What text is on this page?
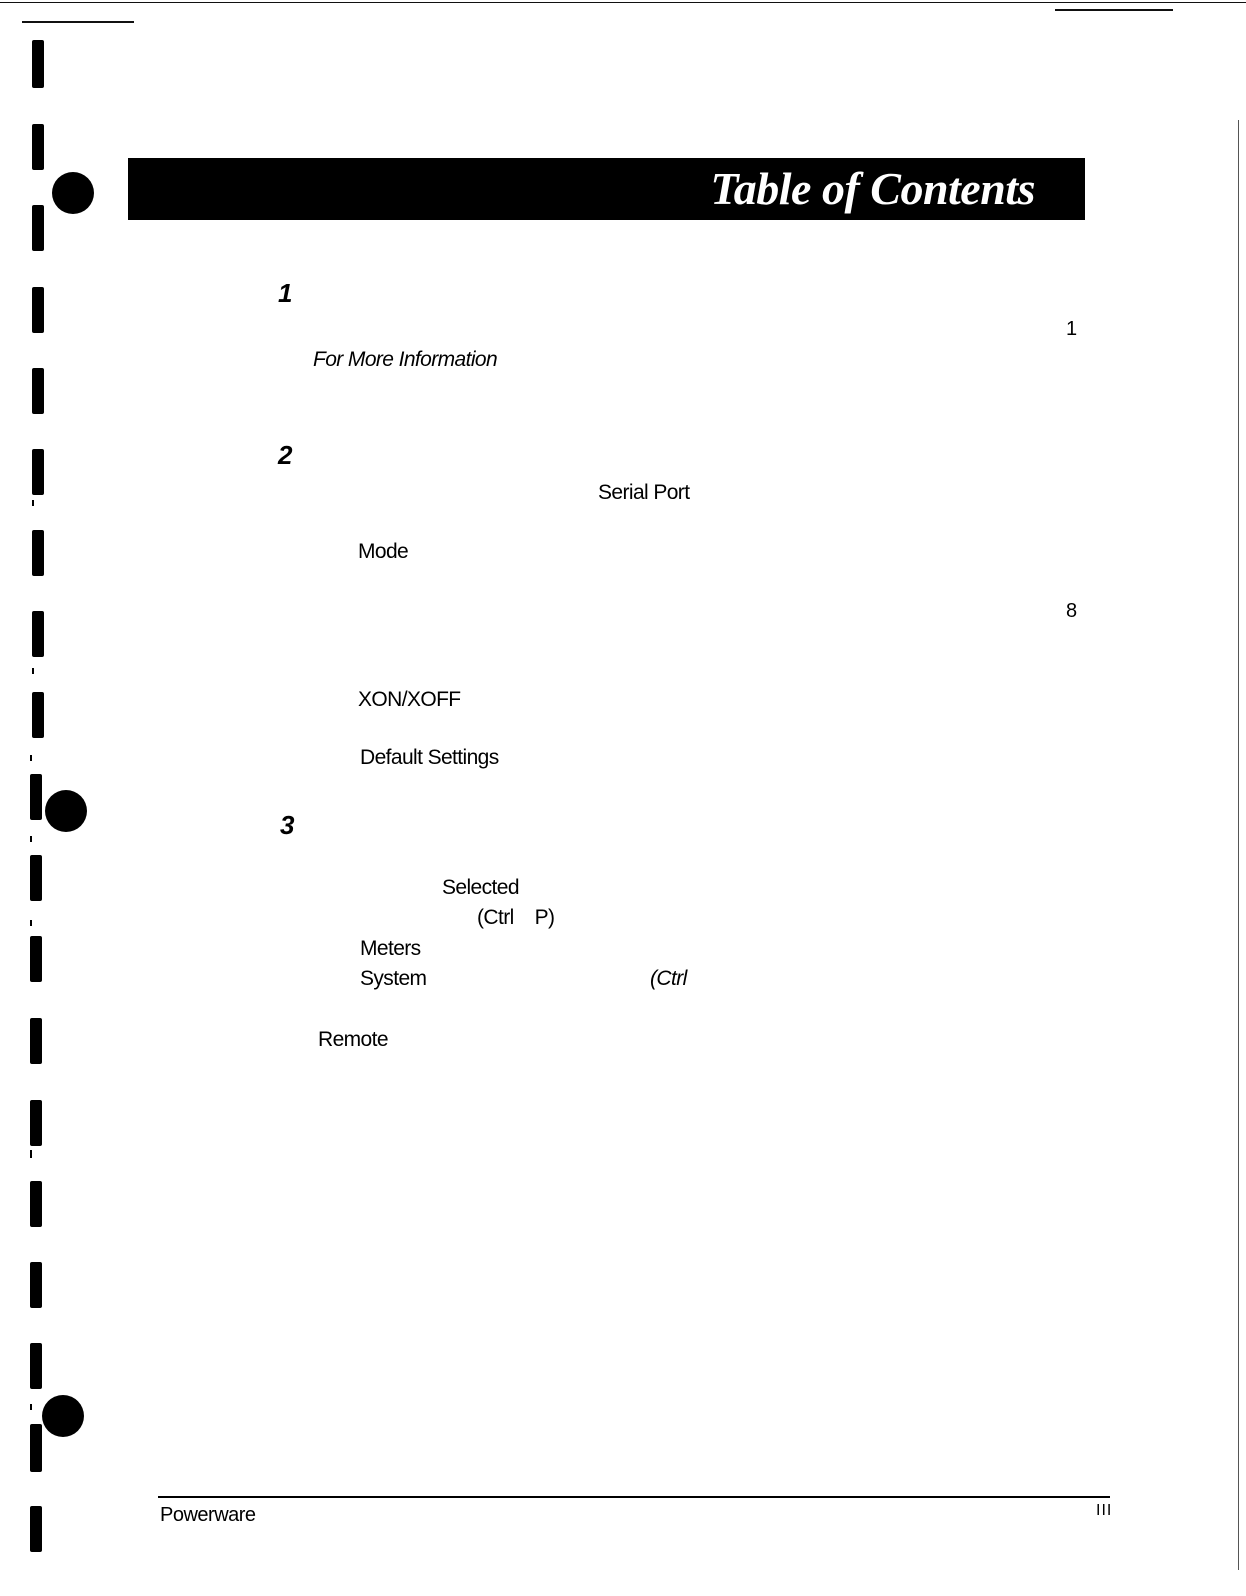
Table of Contents
1
1
For More Information
2
Serial Port
Mode
8
XON/XOFF
Default Settings
3
Selected
(Ctrl    P)
Meters
System	(Ctrl
Remote
Powerware	III
